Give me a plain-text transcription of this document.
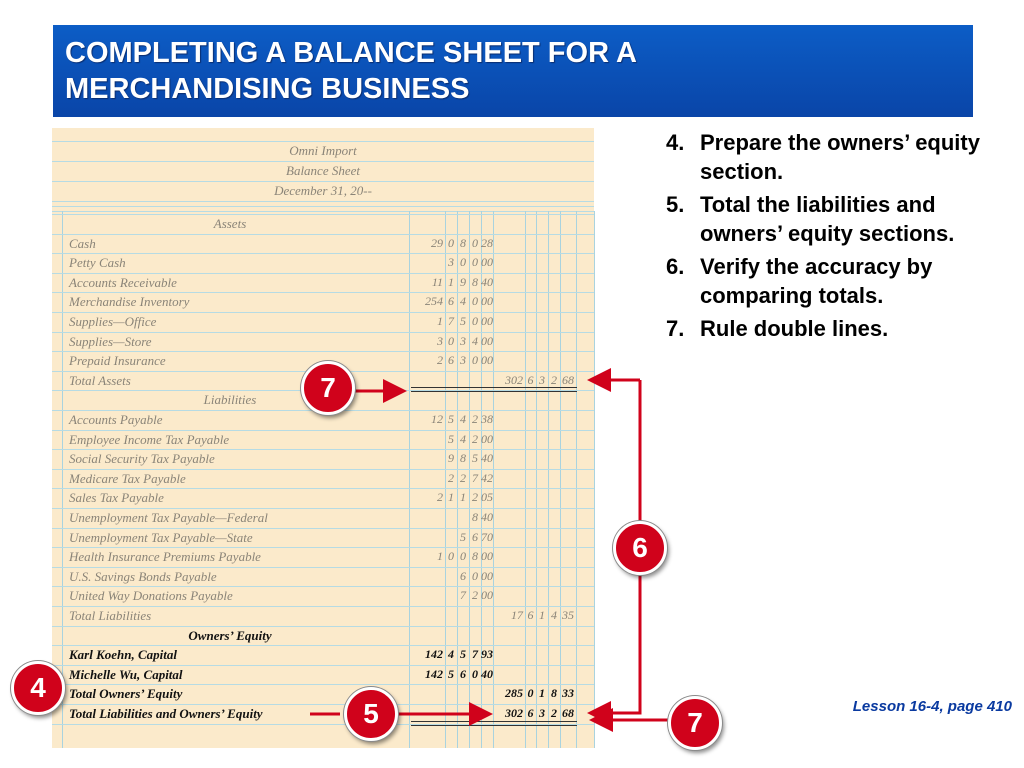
COMPLETING A BALANCE SHEET FOR A
MERCHANDISING BUSINESS
Omni Import
Balance Sheet
December 31, 20--
Assets
Cash	29 0 8 0 28
Petty Cash	3 0 0 00
Accounts Receivable	11 1 9 8 40
Merchandise Inventory	254 6 4 0 00
Supplies—Office	1 7 5 0 00
Supplies—Store	3 0 3 4 00
Prepaid Insurance	2 6 3 0 00
Total Assets	302 6 3 2 68
Liabilities
Accounts Payable	12 5 4 2 38
Employee Income Tax Payable	5 4 2 00
Social Security Tax Payable	9 8 5 40
Medicare Tax Payable	2 2 7 42
Sales Tax Payable	2 1 1 2 05
Unemployment Tax Payable—Federal	8 40
Unemployment Tax Payable—State	5 6 70
Health Insurance Premiums Payable	1 0 0 8 00
U.S. Savings Bonds Payable	6 0 00
United Way Donations Payable	7 2 00
Total Liabilities	17 6 1 4 35
Owners’ Equity
Karl Koehn, Capital	142 4 5 7 93
Michelle Wu, Capital	142 5 6 0 40
Total Owners’ Equity	285 0 1 8 33
Total Liabilities and Owners’ Equity	302 6 3 2 68
4. Prepare the owners’ equity section.
5. Total the liabilities and owners’ equity sections.
6. Verify the accuracy by comparing totals.
7. Rule double lines.
7
6
4
5	7
Lesson 16-4, page 410
